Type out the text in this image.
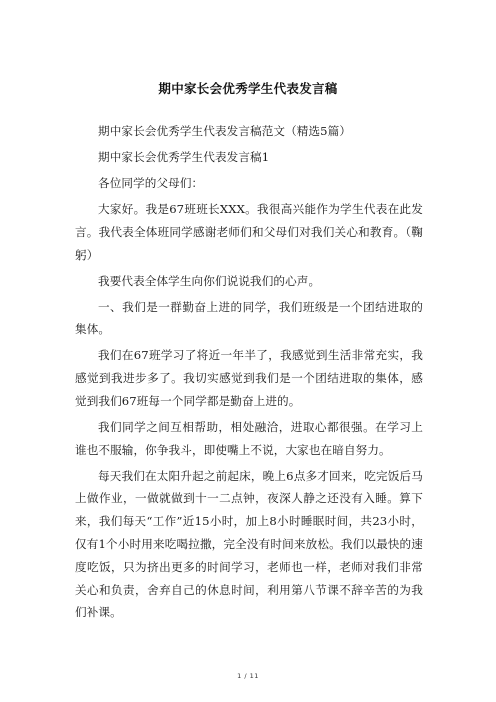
期中家长会优秀学生代表发言稿

期中家长会优秀学生代表发言稿范文（精选5篇）

期中家长会优秀学生代表发言稿1

各位同学的父母们：

大家好。我是67班班长XXX。我很高兴能作为学生代表在此发言。我代表全体班同学感谢老师们和父母们对我们关心和教育。（鞠躬）

我要代表全体学生向你们说说我们的心声。

一、我们是一群勤奋上进的同学，我们班级是一个团结进取的集体。

我们在67班学习了将近一年半了，我感觉到生活非常充实，我感觉到我进步多了。我切实感觉到我们是一个团结进取的集体，感觉到我们67班每一个同学都是勤奋上进的。

我们同学之间互相帮助，相处融洽，进取心都很强。在学习上谁也不服输，你争我斗，即使嘴上不说，大家也在暗自努力。

每天我们在太阳升起之前起床，晚上6点多才回来，吃完饭后马上做作业，一做就做到十一二点钟，夜深人静之还没有入睡。算下来，我们每天“工作”近15小时，加上8小时睡眠时间，共23小时，仅有1个小时用来吃喝拉撒，完全没有时间来放松。我们以最快的速度吃饭，只为挤出更多的时间学习，老师也一样，老师对我们非常关心和负责，舍弃自己的休息时间，利用第八节课不辞辛苦的为我们补课。

1 / 11
